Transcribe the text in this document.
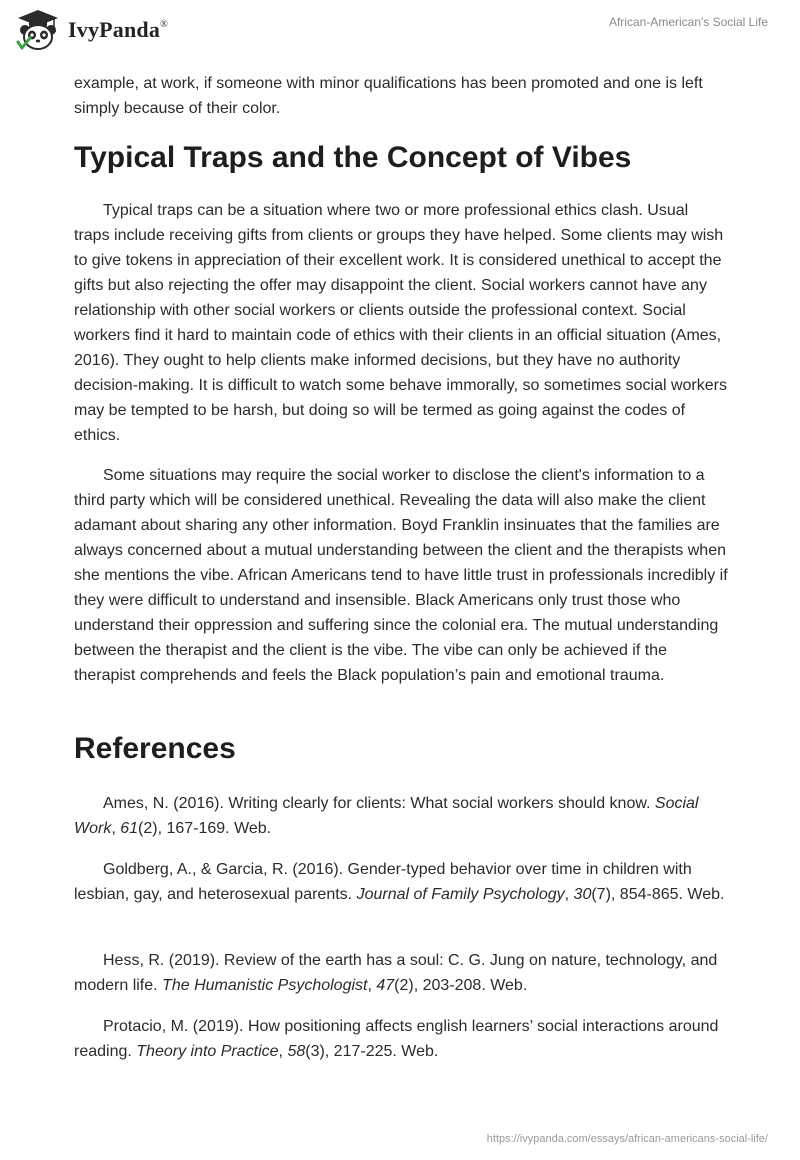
IvyPanda®	African-American's Social Life

example, at work, if someone with minor qualifications has been promoted and one is left simply because of their color.

Typical Traps and the Concept of Vibes

Typical traps can be a situation where two or more professional ethics clash. Usual traps include receiving gifts from clients or groups they have helped. Some clients may wish to give tokens in appreciation of their excellent work. It is considered unethical to accept the gifts but also rejecting the offer may disappoint the client. Social workers cannot have any relationship with other social workers or clients outside the professional context. Social workers find it hard to maintain code of ethics with their clients in an official situation (Ames, 2016). They ought to help clients make informed decisions, but they have no authority decision-making. It is difficult to watch some behave immorally, so sometimes social workers may be tempted to be harsh, but doing so will be termed as going against the codes of ethics.

Some situations may require the social worker to disclose the client's information to a third party which will be considered unethical. Revealing the data will also make the client adamant about sharing any other information. Boyd Franklin insinuates that the families are always concerned about a mutual understanding between the client and the therapists when she mentions the vibe. African Americans tend to have little trust in professionals incredibly if they were difficult to understand and insensible. Black Americans only trust those who understand their oppression and suffering since the colonial era. The mutual understanding between the therapist and the client is the vibe. The vibe can only be achieved if the therapist comprehends and feels the Black population’s pain and emotional trauma.

References

Ames, N. (2016). Writing clearly for clients: What social workers should know. Social Work, 61(2), 167-169. Web.

Goldberg, A., & Garcia, R. (2016). Gender-typed behavior over time in children with lesbian, gay, and heterosexual parents. Journal of Family Psychology, 30(7), 854-865. Web.

Hess, R. (2019). Review of the earth has a soul: C. G. Jung on nature, technology, and modern life. The Humanistic Psychologist, 47(2), 203-208. Web.

Protacio, M. (2019). How positioning affects english learners’ social interactions around reading. Theory into Practice, 58(3), 217-225. Web.

https://ivypanda.com/essays/african-americans-social-life/
